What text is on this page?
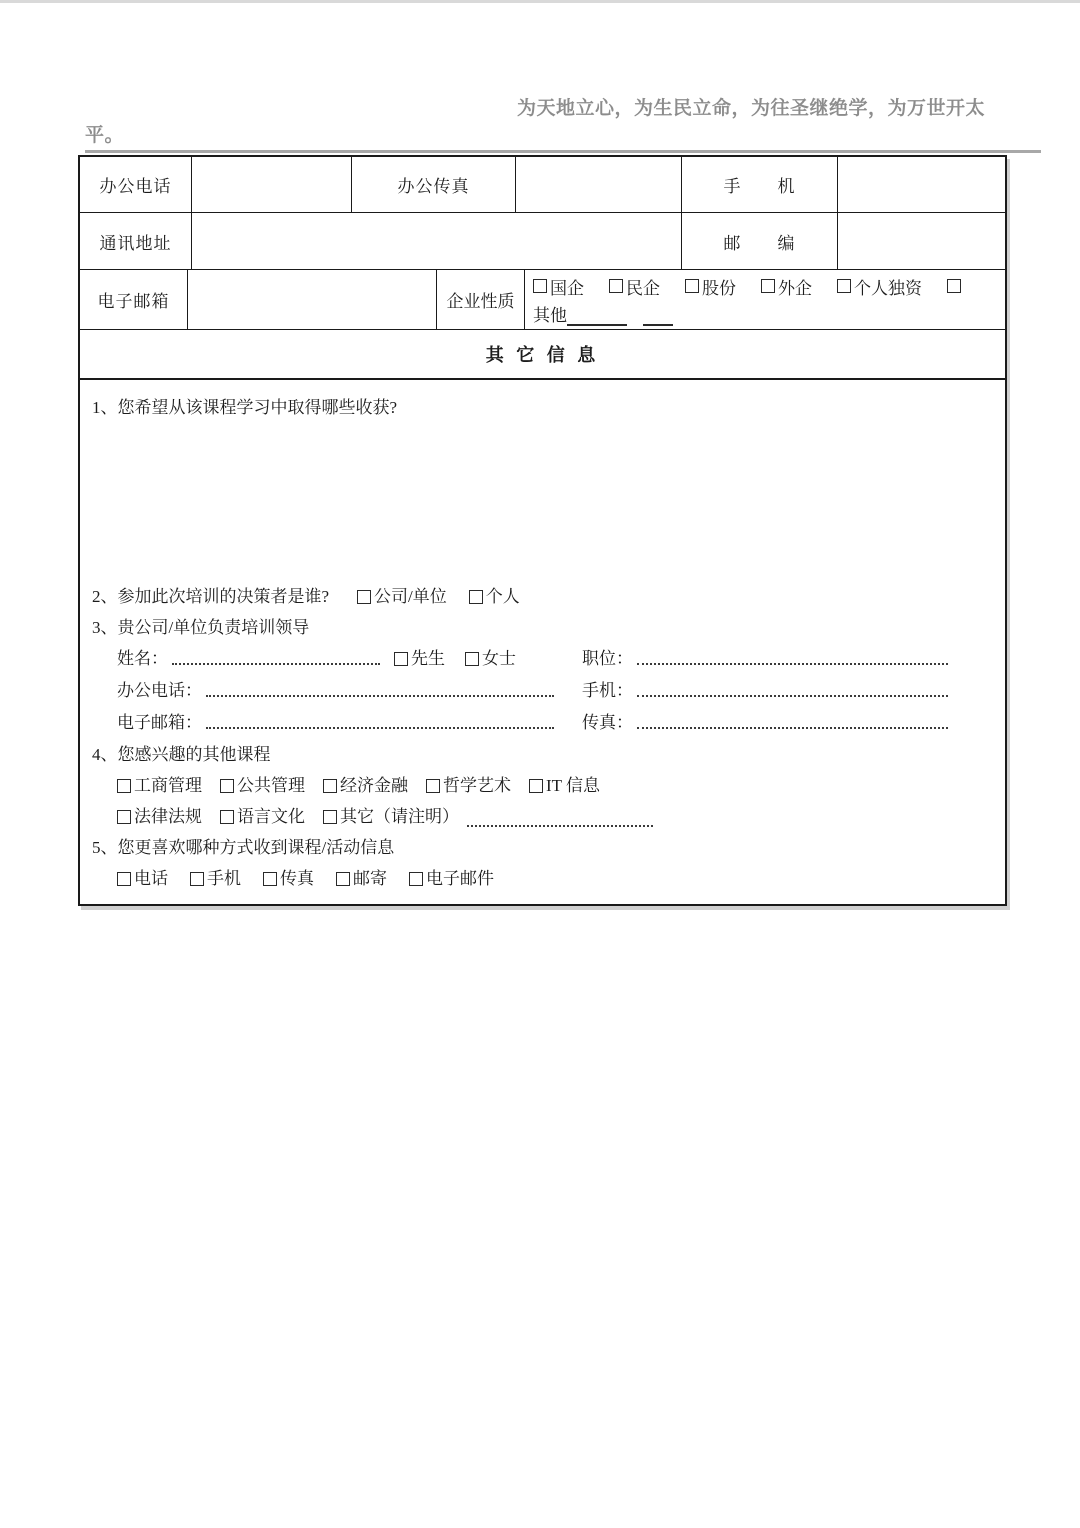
为天地立心，为生民立命，为往圣继绝学，为万世开太
平。
办公电话	办公传真	手　　机
通讯地址	邮　　编
电子邮箱	企业性质
国企 民企 股份 外企 个人独资
其他
其 它 信 息
1、您希望从该课程学习中取得哪些收获?
2、参加此次培训的决策者是谁?	公司/单位 个人
3、贵公司/单位负责培训领导
姓名：	先生 女士	职位：
办公电话：	手机：
电子邮箱：	传真：
4、您感兴趣的其他课程
工商管理 公共管理 经济金融 哲学艺术 IT 信息
法律法规 语言文化 其它（请注明）
5、您更喜欢哪种方式收到课程/活动信息
电话 手机 传真 邮寄 电子邮件
